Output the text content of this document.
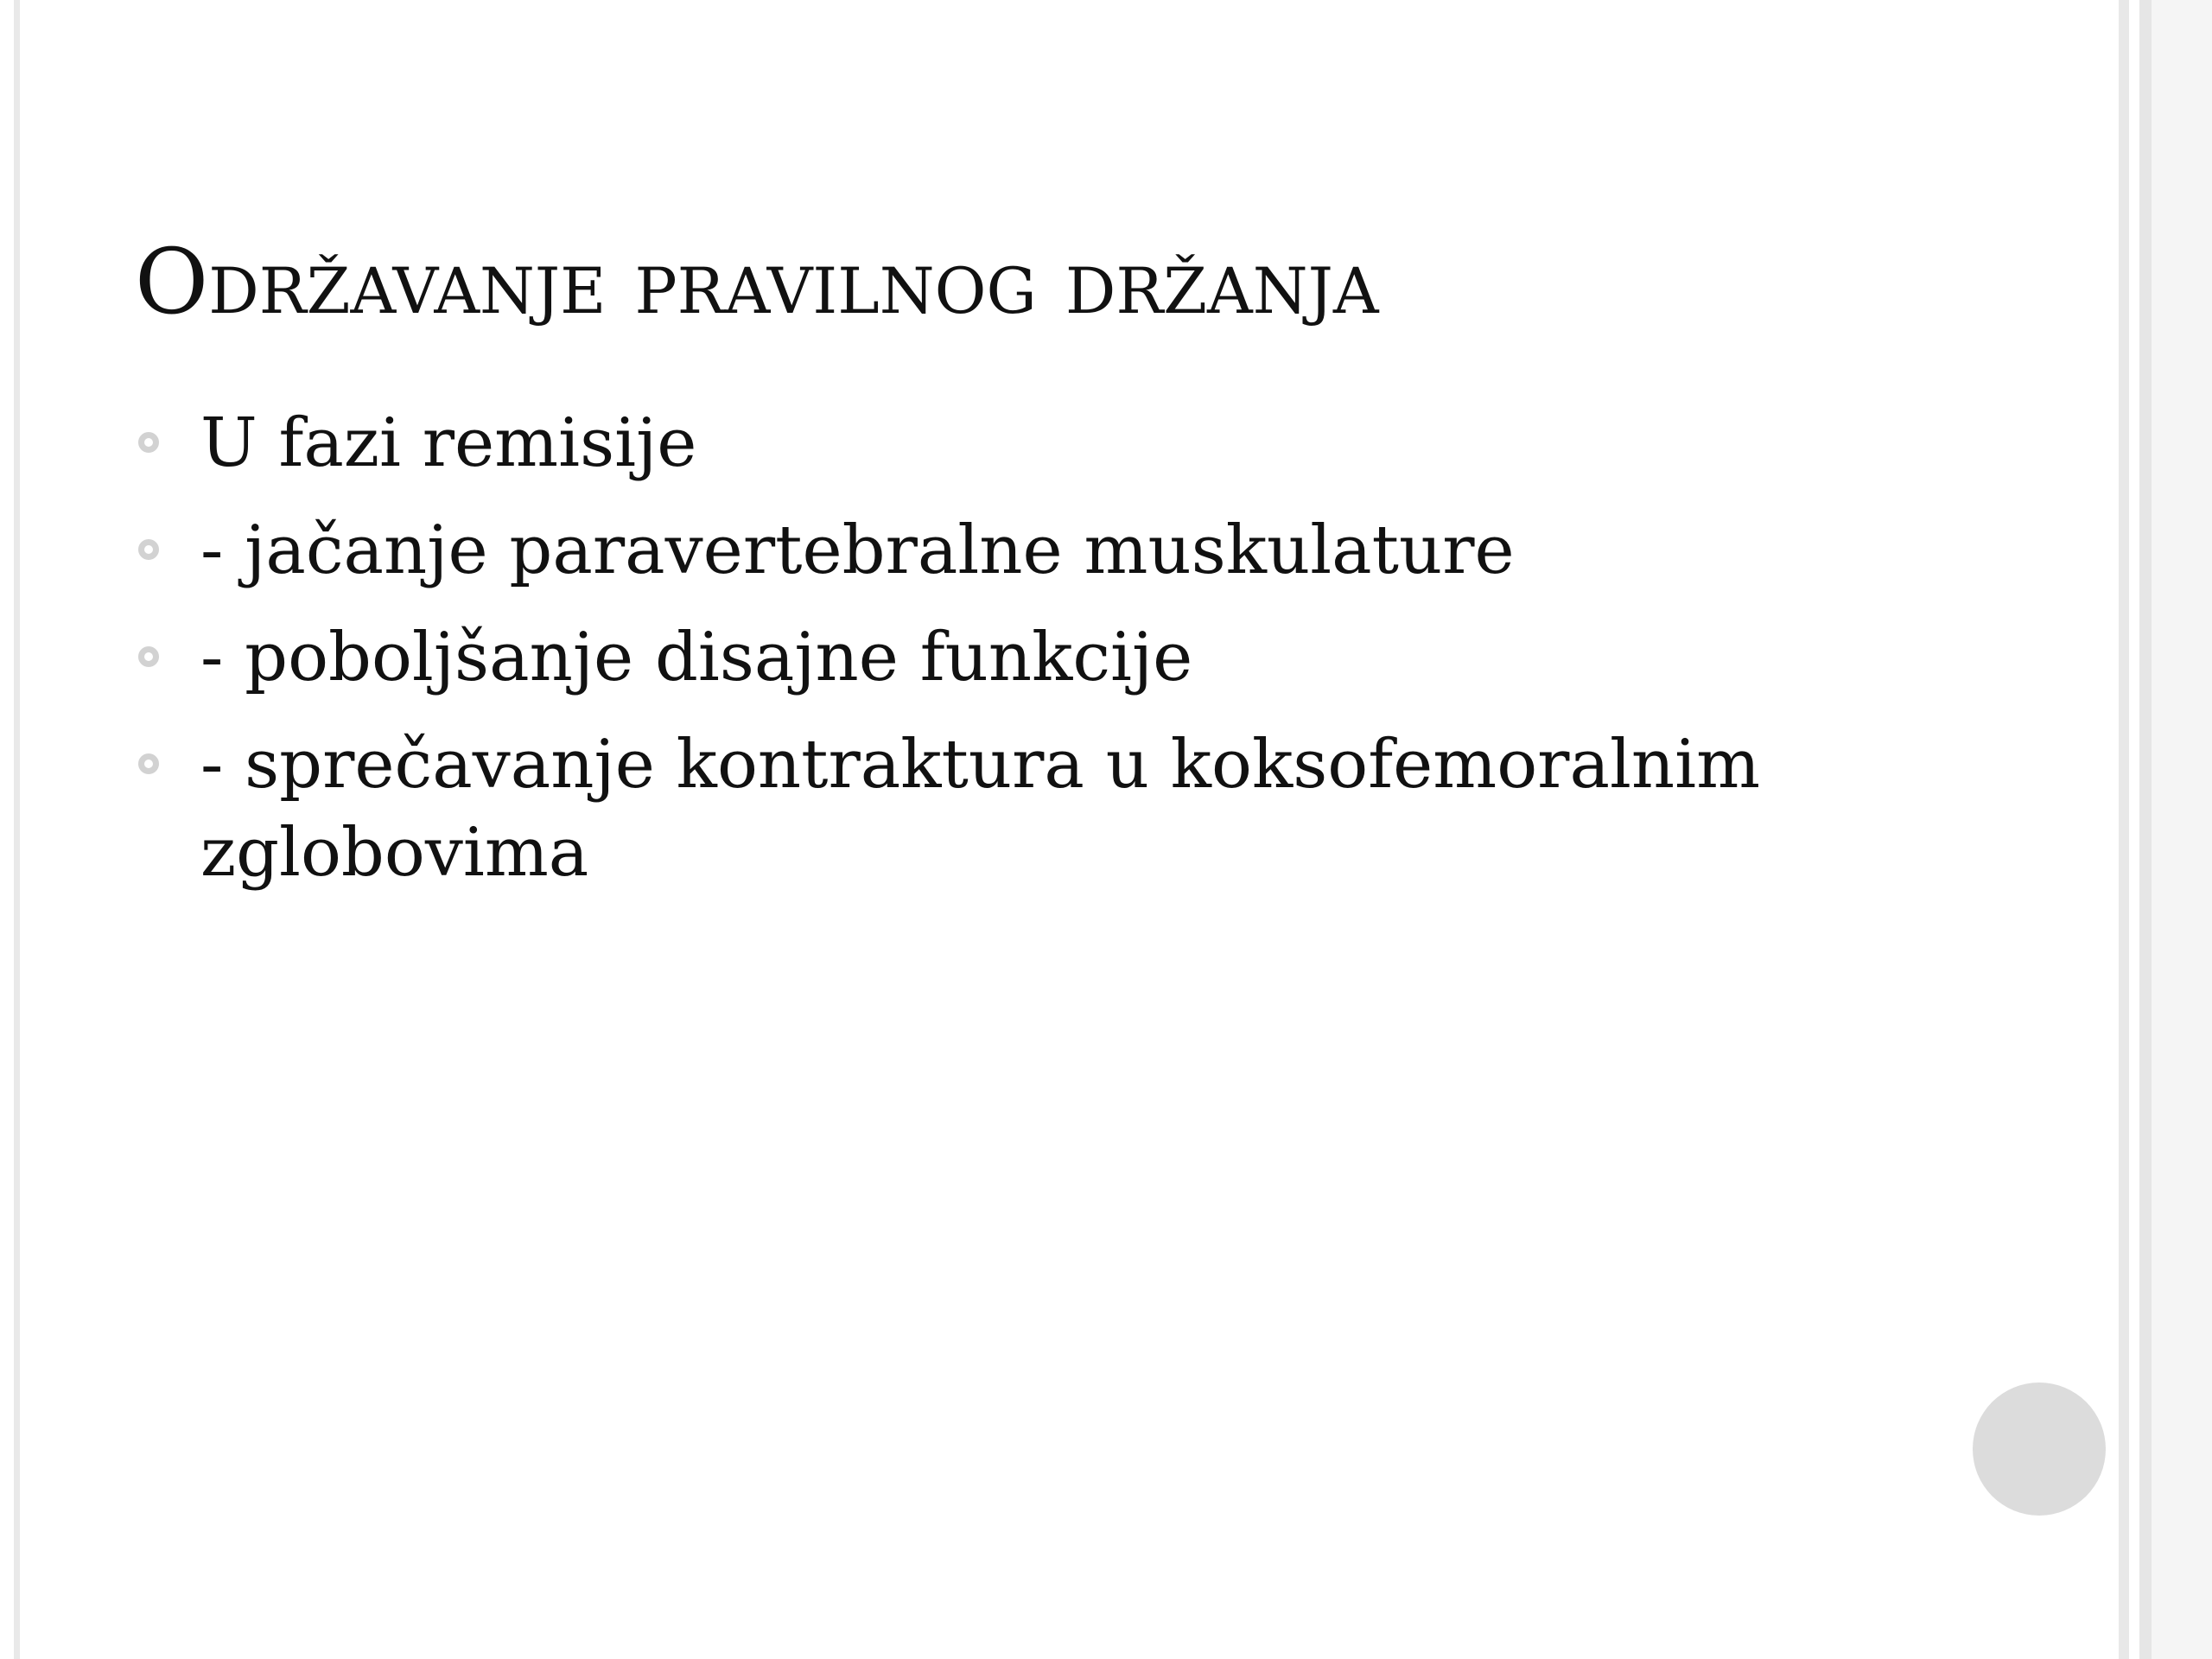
Održavanje pravilnog držanja
U fazi remisije
- jačanje paravertebralne muskulature
- poboljšanje disajne funkcije
- sprečavanje kontraktura u koksofemoralnim zglobovima
